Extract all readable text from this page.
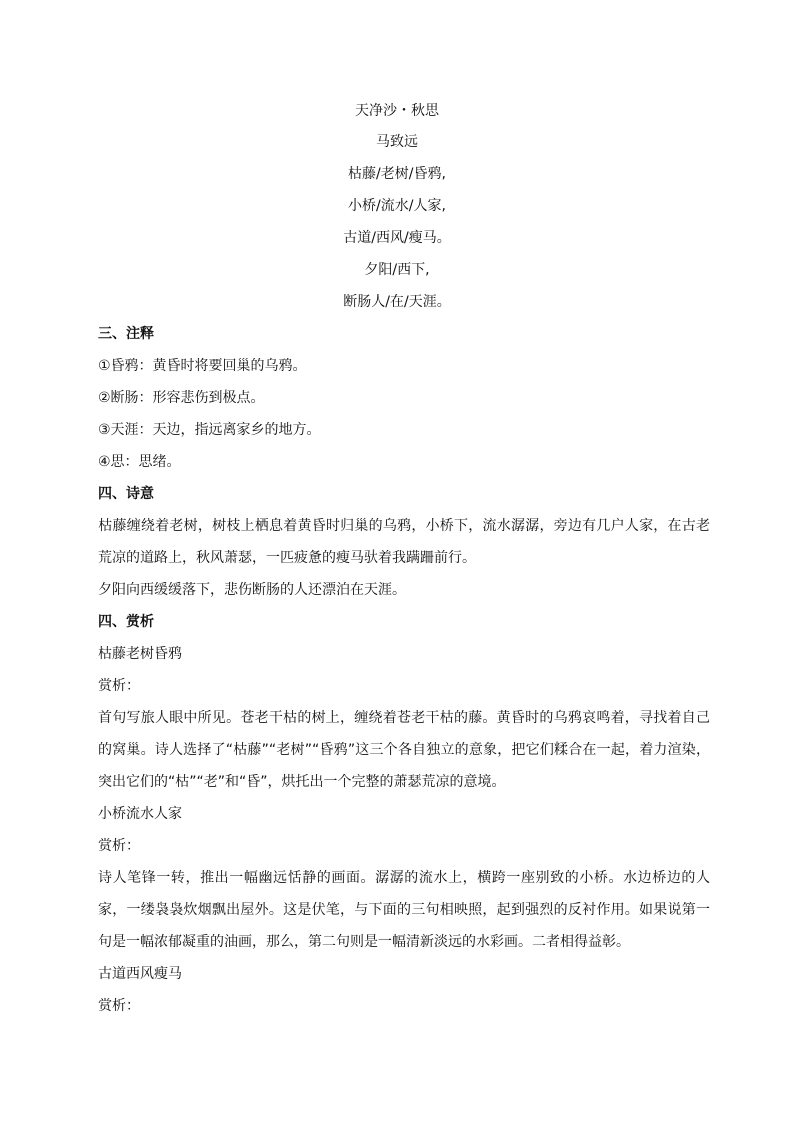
天净沙・秋思
马致远
枯藤/老树/昏鸦,
小桥/流水/人家,
古道/西风/瘦马。
夕阳/西下,
断肠人/在/天涯。
三、注释
①昏鸦：黄昏时将要回巢的乌鸦。
②断肠：形容悲伤到极点。
③天涯：天边，指远离家乡的地方。
④思：思绪。
四、诗意
枯藤缠绕着老树，树枝上栖息着黄昏时归巢的乌鸦，小桥下，流水潺潺，旁边有几户人家，在古老荒凉的道路上，秋风萧瑟，一匹疲惫的瘦马驮着我蹒跚前行。
夕阳向西缓缓落下，悲伤断肠的人还漂泊在天涯。
四、赏析
枯藤老树昏鸦
赏析：
首句写旅人眼中所见。苍老干枯的树上，缠绕着苍老干枯的藤。黄昏时的乌鸦哀鸣着，寻找着自己的窝巢。诗人选择了“枯藤”“老树”“昏鸦”这三个各自独立的意象，把它们糅合在一起，着力渲染，突出它们的“枯”“老”和“昏”，烘托出一个完整的萧瑟荒凉的意境。
小桥流水人家
赏析：
诗人笔锋一转，推出一幅幽远恬静的画面。潺潺的流水上，横跨一座别致的小桥。水边桥边的人家，一缕袅袅炊烟飘出屋外。这是伏笔，与下面的三句相映照，起到强烈的反衬作用。如果说第一句是一幅浓郁凝重的油画，那么，第二句则是一幅清新淡远的水彩画。二者相得益彰。
古道西风瘦马
赏析：
